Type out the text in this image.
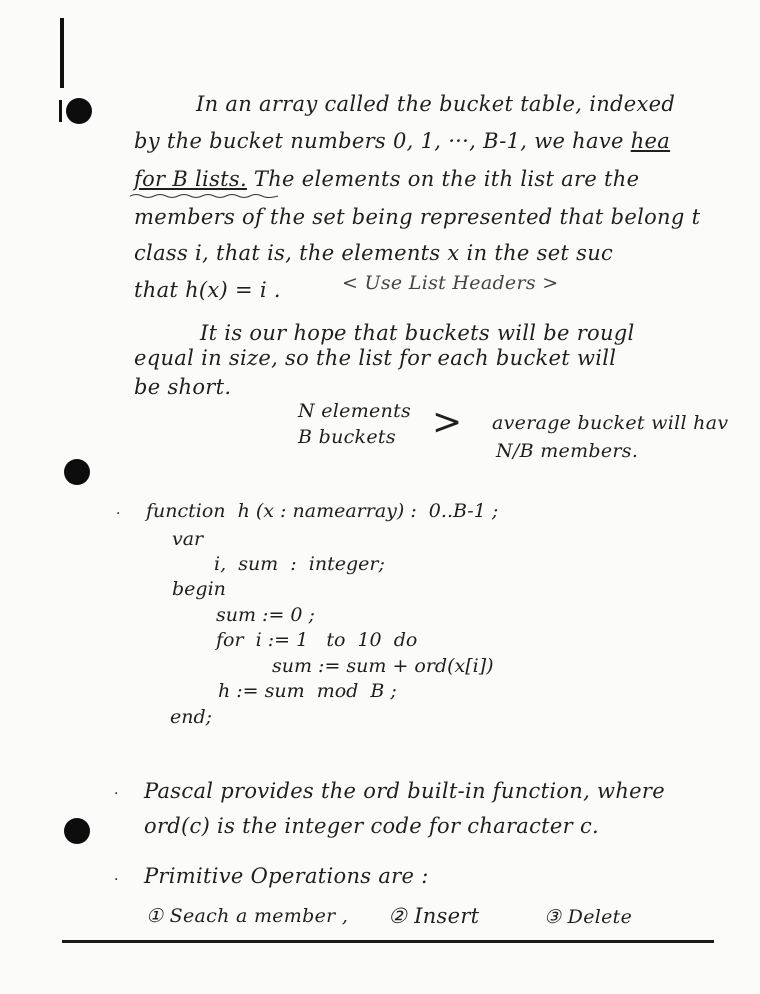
In an array called the bucket table, indexed
by the bucket numbers 0, 1, ···, B-1, we have hea
for B lists. The elements on the ith list are the
members of the set being represented that belong t
class i, that is, the elements x in the set suc
that h(x) = i .	< Use List Headers >
It is our hope that buckets will be rougl
equal in size, so the list for each bucket will
be short.
N elements
B buckets > average bucket will hav
N/B members.
· function  h (x : namearray) :  0..B-1 ;
var
i,  sum  :  integer;
begin
sum := 0 ;
for  i := 1   to  10  do
sum := sum + ord(x[i])
h := sum  mod  B ;
end;
· Pascal provides the ord built-in function, where
ord(c) is the integer code for character c.
· Primitive Operations are :
① Seach a member , ② Insert	③ Delete
